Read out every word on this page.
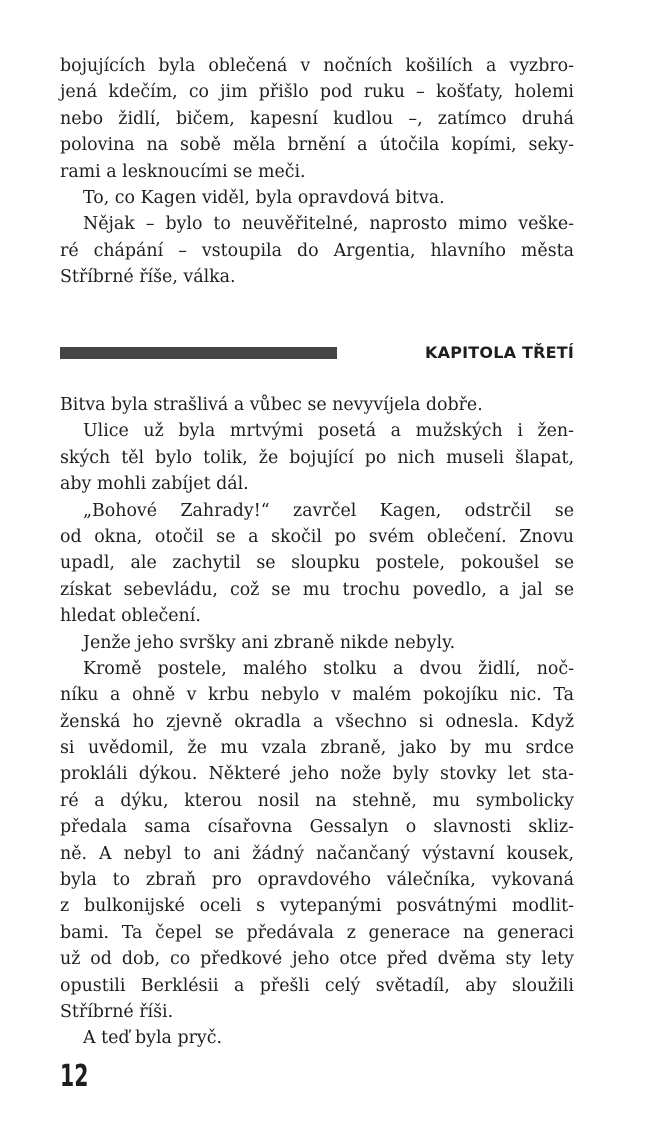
bojujících byla oblečená v nočních košilích a vyzbro-
jená kdečím, co jim přišlo pod ruku – košťaty, holemi
nebo židlí, bičem, kapesní kudlou –, zatímco druhá
polovina na sobě měla brnění a útočila kopími, seky-
rami a lesknoucími se meči.
To, co Kagen viděl, byla opravdová bitva.
Nějak – bylo to neuvěřitelné, naprosto mimo veške-
ré chápání – vstoupila do Argentia, hlavního města
Stříbrné říše, válka.
KAPITOLA TŘETÍ
Bitva byla strašlivá a vůbec se nevyvíjela dobře.
Ulice už byla mrtvými posetá a mužských i žen-
ských těl bylo tolik, že bojující po nich museli šlapat,
aby mohli zabíjet dál.
„Bohové Zahrady!“ zavrčel Kagen, odstrčil se
od okna, otočil se a skočil po svém oblečení. Znovu
upadl, ale zachytil se sloupku postele, pokoušel se
získat sebevládu, což se mu trochu povedlo, a jal se
hledat oblečení.
Jenže jeho svršky ani zbraně nikde nebyly.
Kromě postele, malého stolku a dvou židlí, noč-
níku a ohně v krbu nebylo v malém pokojíku nic. Ta
ženská ho zjevně okradla a všechno si odnesla. Když
si uvědomil, že mu vzala zbraně, jako by mu srdce
prokláli dýkou. Některé jeho nože byly stovky let sta-
ré a dýku, kterou nosil na stehně, mu symbolicky
předala sama císařovna Gessalyn o slavnosti skliz-
ně. A nebyl to ani žádný načančaný výstavní kousek,
byla to zbraň pro opravdového válečníka, vykovaná
z bulkonijské oceli s vytepanými posvátnými modlit-
bami. Ta čepel se předávala z generace na generaci
už od dob, co předkové jeho otce před dvěma sty lety
opustili Berklésii a přešli celý světadíl, aby sloužili
Stříbrné říši.
A teď byla pryč.
12
